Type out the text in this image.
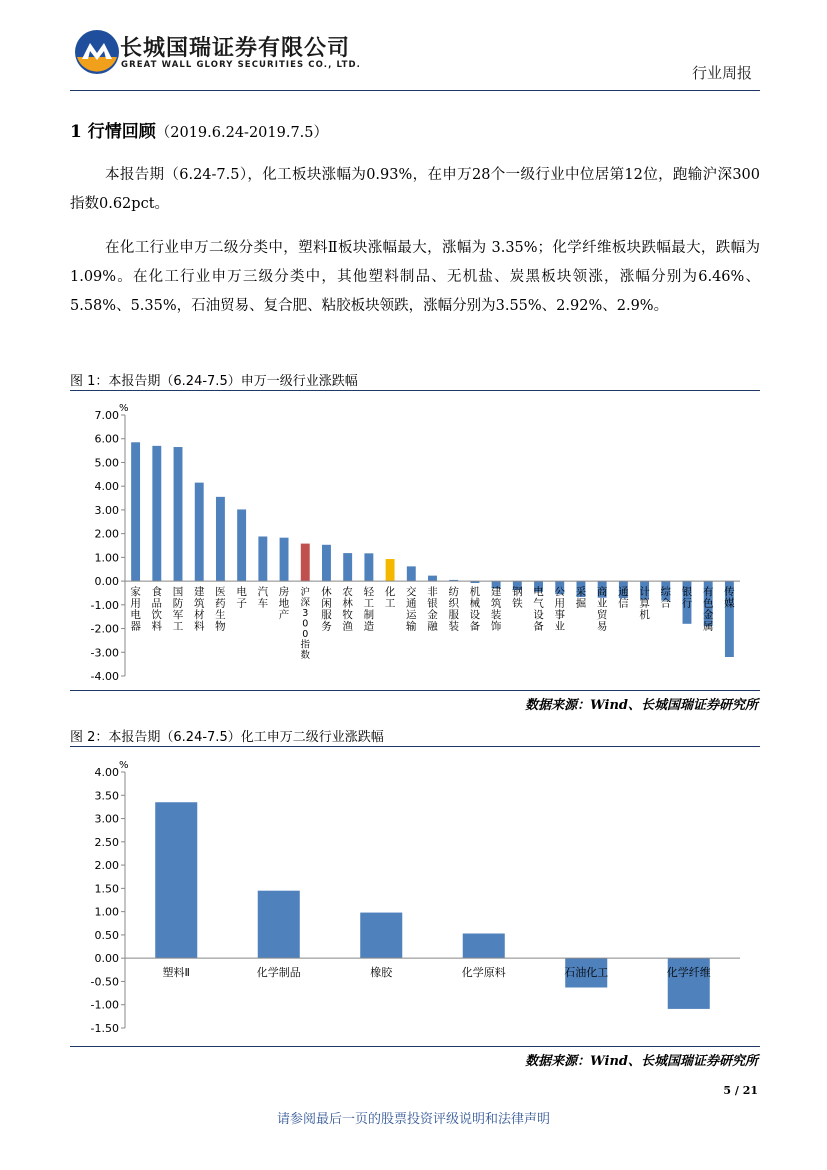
长城国瑞证券有限公司
GREAT WALL GLORY SECURITIES CO., LTD.	行业周报
1 行情回顾（2019.6.24-2019.7.5）
本报告期（6.24-7.5），化工板块涨幅为0.93%，在申万28个一级行业中位居第12位，跑输沪深300指数0.62pct。
在化工行业申万二级分类中，塑料Ⅱ板块涨幅最大，涨幅为 3.35%；化学纤维板块跌幅最大，跌幅为1.09%。在化工行业申万三级分类中，其他塑料制品、无机盐、炭黑板块领涨，涨幅分别为6.46%、5.58%、5.35%，石油贸易、复合肥、粘胶板块领跌，涨幅分别为3.55%、2.92%、2.9%。
图 1：本报告期（6.24-7.5）申万一级行业涨跌幅
%
7.00
6.00
5.00
4.00
3.00
2.00
1.00
0.00
-1.00
-2.00
-3.00
-4.00
家用电器
食品饮料
国防军工
建筑材料
医药生物
电子
汽车
房地产
沪深 3 0 0 指数
休闲服务
农林牧渔
轻工制造
化工
交通运输
非银金融
纺织服装
机械设备
建筑装饰
钢铁
电气设备
公用事业
采掘
商业贸易
通信
计算机
综合
银行
有色金属
传媒
数据来源：Wind、长城国瑞证券研究所
图 2：本报告期（6.24-7.5）化工申万二级行业涨跌幅
%
4.00
3.50
3.00
2.50
2.00
1.50
1.00
0.50
0.00
-0.50
-1.00
-1.50
塑料Ⅱ	化学制品	橡胶	化学原料	石油化工	化学纤维
数据来源：Wind、长城国瑞证券研究所
5 / 21
请参阅最后一页的股票投资评级说明和法律声明
